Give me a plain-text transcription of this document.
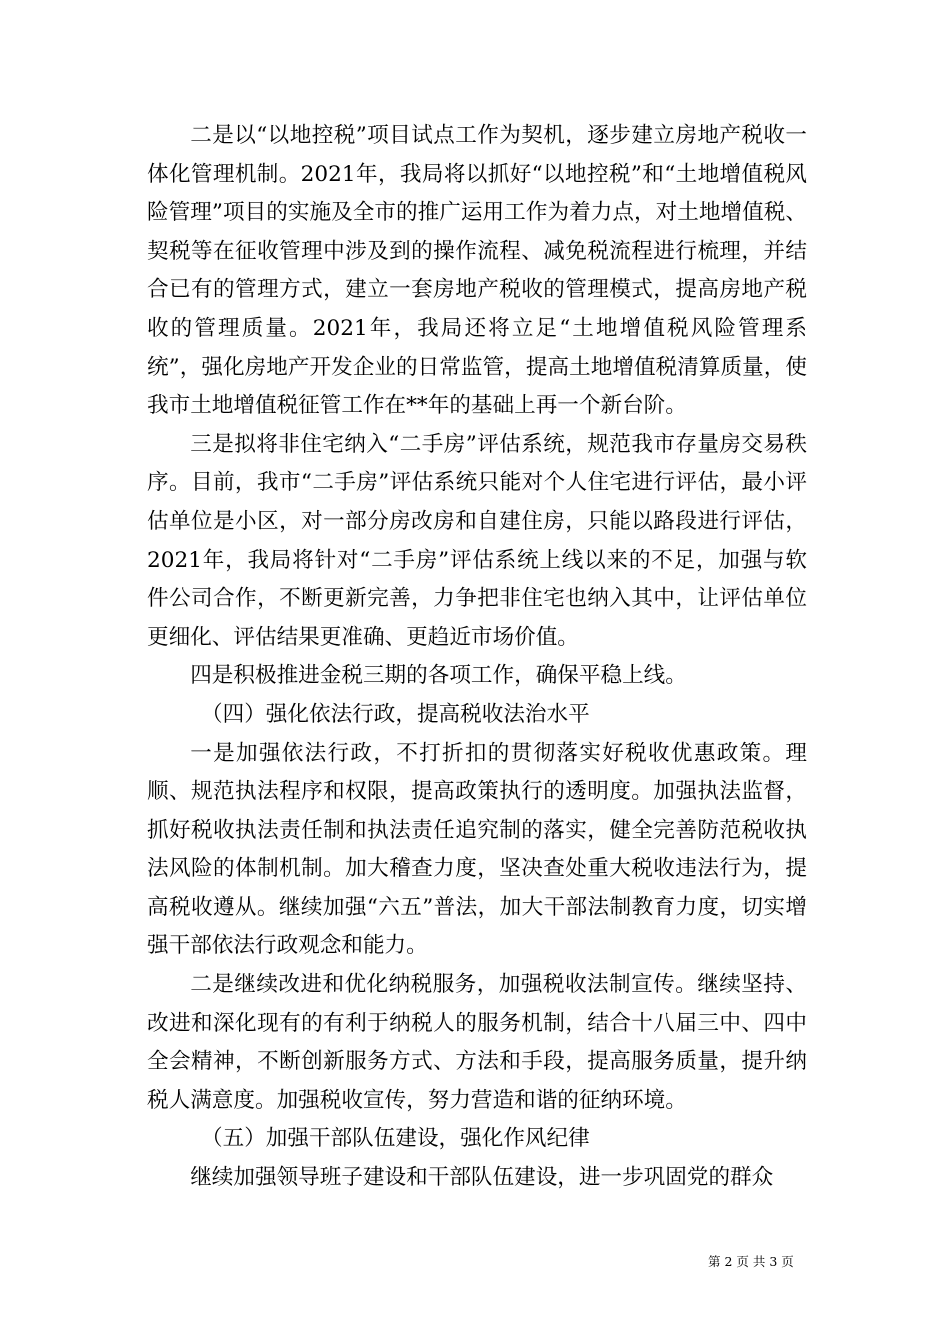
二是以“以地控税”项目试点工作为契机，逐步建立房地产税收一体化管理机制。2021年，我局将以抓好“以地控税”和“土地增值税风险管理”项目的实施及全市的推广运用工作为着力点，对土地增值税、契税等在征收管理中涉及到的操作流程、减免税流程进行梳理，并结合已有的管理方式，建立一套房地产税收的管理模式，提高房地产税收的管理质量。2021年，我局还将立足“土地增值税风险管理系统”，强化房地产开发企业的日常监管，提高土地增值税清算质量，使我市土地增值税征管工作在**年的基础上再一个新台阶。

三是拟将非住宅纳入“二手房”评估系统，规范我市存量房交易秩序。目前，我市“二手房”评估系统只能对个人住宅进行评估，最小评估单位是小区，对一部分房改房和自建住房，只能以路段进行评估，2021年，我局将针对“二手房”评估系统上线以来的不足，加强与软件公司合作，不断更新完善，力争把非住宅也纳入其中，让评估单位更细化、评估结果更准确、更趋近市场价值。

四是积极推进金税三期的各项工作，确保平稳上线。

（四）强化依法行政，提高税收法治水平

一是加强依法行政，不打折扣的贯彻落实好税收优惠政策。理顺、规范执法程序和权限，提高政策执行的透明度。加强执法监督，抓好税收执法责任制和执法责任追究制的落实，健全完善防范税收执法风险的体制机制。加大稽查力度，坚决查处重大税收违法行为，提高税收遵从。继续加强“六五”普法，加大干部法制教育力度，切实增强干部依法行政观念和能力。

二是继续改进和优化纳税服务，加强税收法制宣传。继续坚持、改进和深化现有的有利于纳税人的服务机制，结合十八届三中、四中全会精神，不断创新服务方式、方法和手段，提高服务质量，提升纳税人满意度。加强税收宣传，努力营造和谐的征纳环境。

（五）加强干部队伍建设，强化作风纪律

继续加强领导班子建设和干部队伍建设，进一步巩固党的群众

第 2 页 共 3 页
